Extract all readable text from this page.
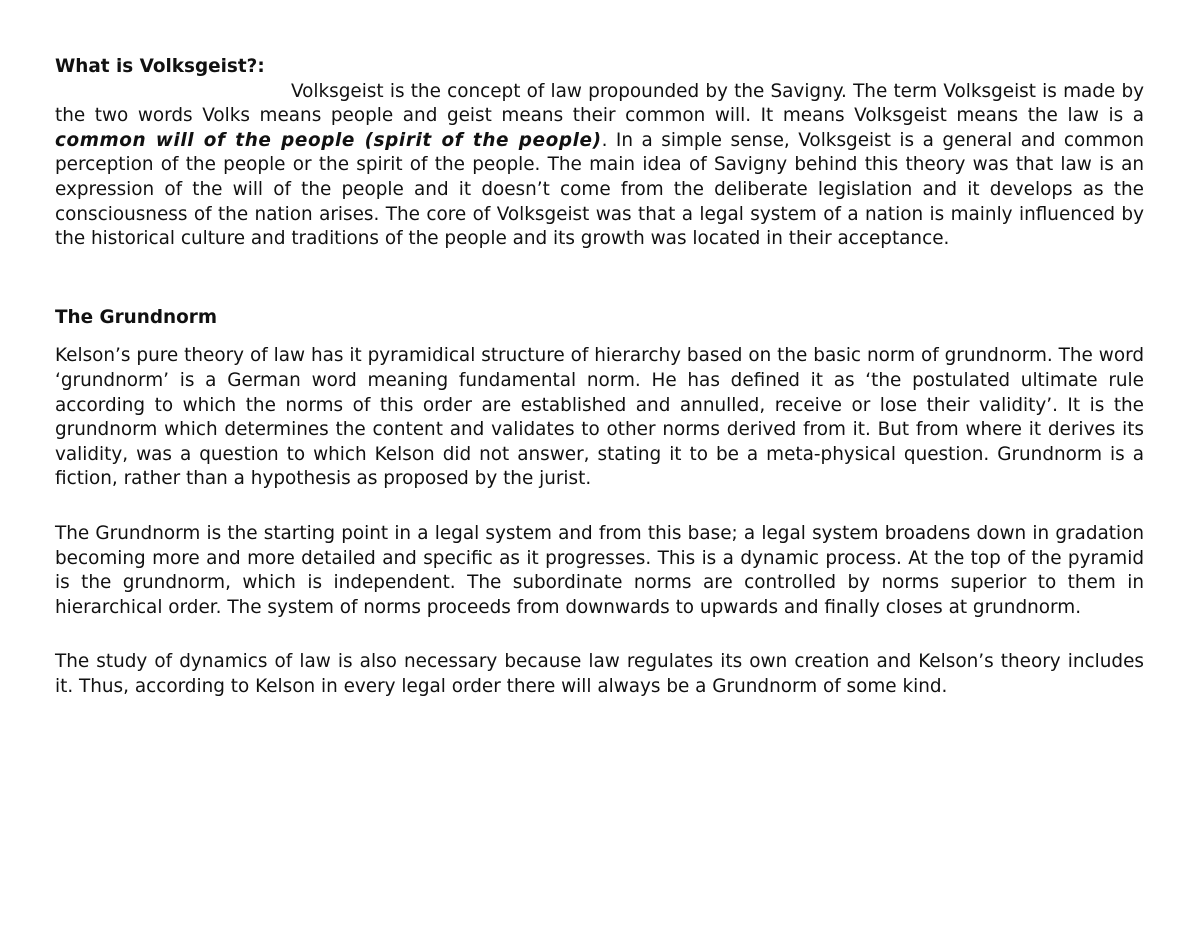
What is Volksgeist?:

Volksgeist is the concept of law propounded by the Savigny. The term Volksgeist is made by the two words Volks means people and geist means their common will. It means Volksgeist means the law is a common will of the people (spirit of the people). In a simple sense, Volksgeist is a general and common perception of the people or the spirit of the people. The main idea of Savigny behind this theory was that law is an expression of the will of the people and it doesn’t come from the deliberate legislation and it develops as the consciousness of the nation arises. The core of Volksgeist was that a legal system of a nation is mainly influenced by the historical culture and traditions of the people and its growth was located in their acceptance.

The Grundnorm

Kelson’s pure theory of law has it pyramidical structure of hierarchy based on the basic norm of grundnorm. The word ‘grundnorm’ is a German word meaning fundamental norm. He has defined it as ‘the postulated ultimate rule according to which the norms of this order are established and annulled, receive or lose their validity’. It is the grundnorm which determines the content and validates to other norms derived from it. But from where it derives its validity, was a question to which Kelson did not answer, stating it to be a meta-physical question. Grundnorm is a fiction, rather than a hypothesis as proposed by the jurist.

The Grundnorm is the starting point in a legal system and from this base; a legal system broadens down in gradation becoming more and more detailed and specific as it progresses. This is a dynamic process. At the top of the pyramid is the grundnorm, which is independent. The subordinate norms are controlled by norms superior to them in hierarchical order. The system of norms proceeds from downwards to upwards and finally closes at grundnorm.

The study of dynamics of law is also necessary because law regulates its own creation and Kelson’s theory includes it. Thus, according to Kelson in every legal order there will always be a Grundnorm of some kind.
